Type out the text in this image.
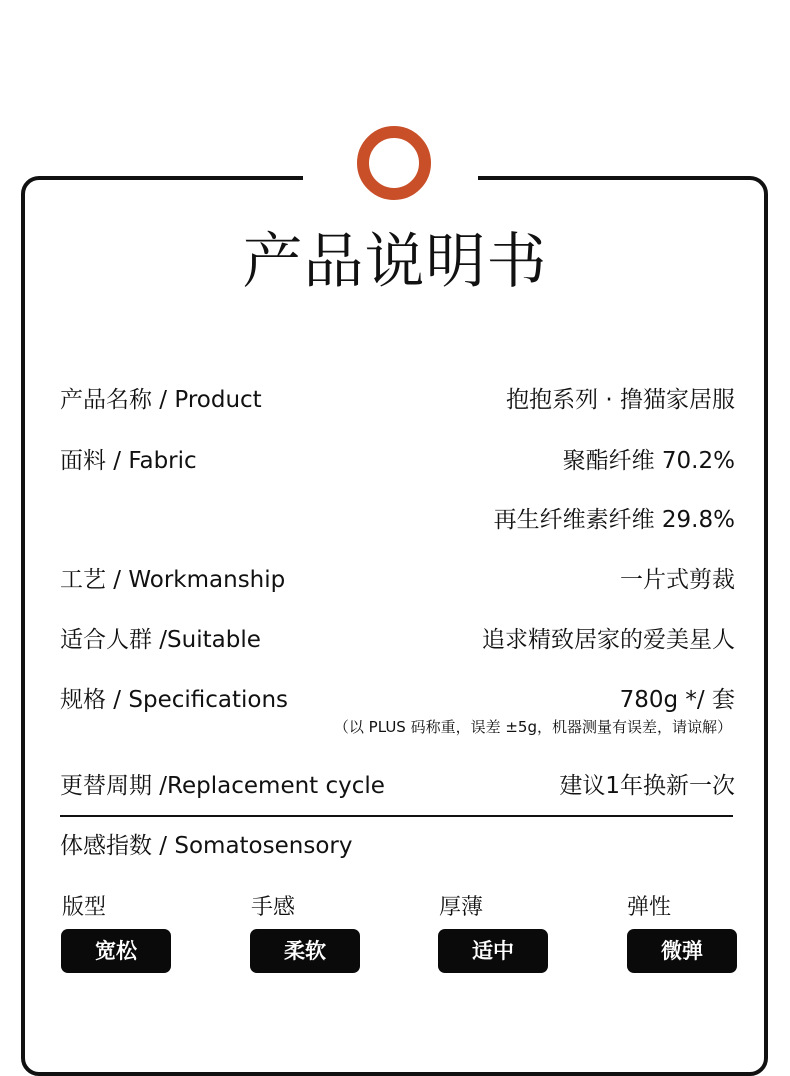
产品说明书
产品名称 / Product	抱抱系列 · 撸猫家居服
面料 / Fabric	聚酯纤维 70.2%
再生纤维素纤维 29.8%
工艺 / Workmanship	一片式剪裁
适合人群 /Suitable	追求精致居家的爱美星人
规格 / Specifications	780g */ 套
（以 PLUS 码称重，误差 ±5g，机器测量有误差，请谅解）
更替周期 /Replacement cycle	建议1年换新一次
体感指数 / Somatosensory
版型	手感	厚薄	弹性
宽松	柔软	适中	微弹
